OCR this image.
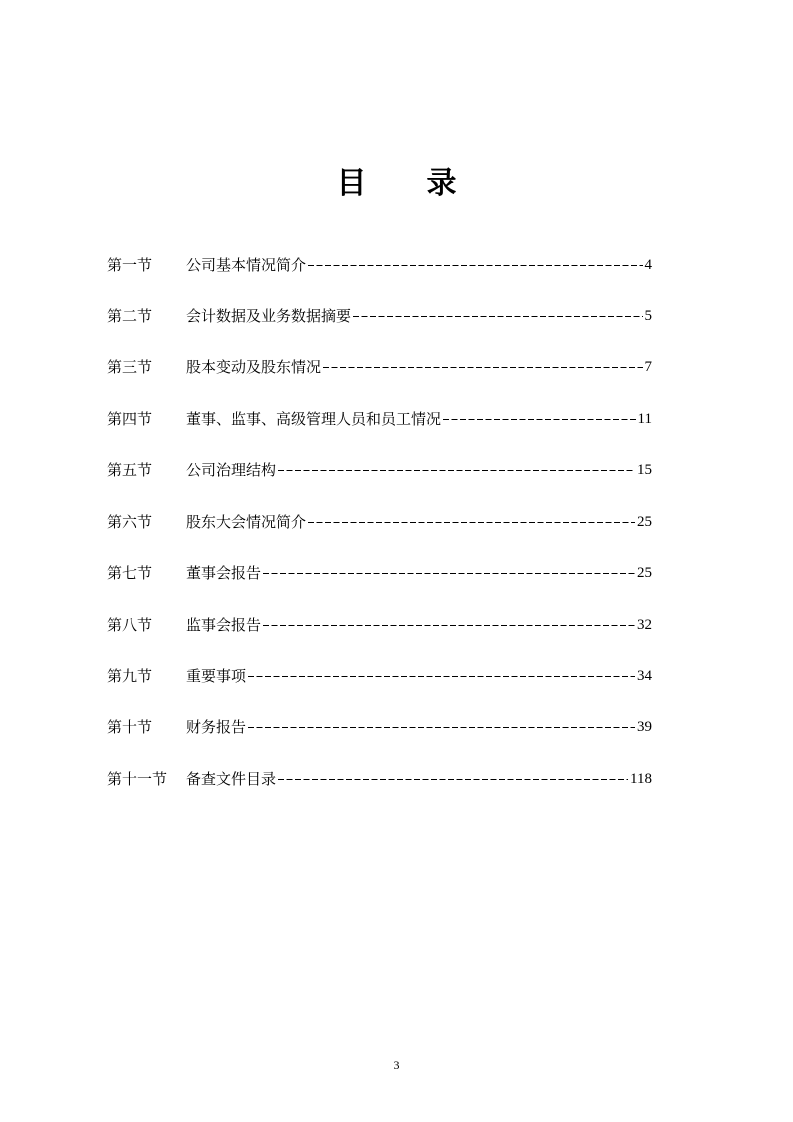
目 录
第一节	公司基本情况简介	4
第二节	会计数据及业务数据摘要	5
第三节	股本变动及股东情况	7
第四节	董事、监事、高级管理人员和员工情况	11
第五节	公司治理结构	15
第六节	股东大会情况简介	25
第七节	董事会报告	25
第八节	监事会报告	32
第九节	重要事项	34
第十节	财务报告	39
第十一节	备查文件目录	118
3
